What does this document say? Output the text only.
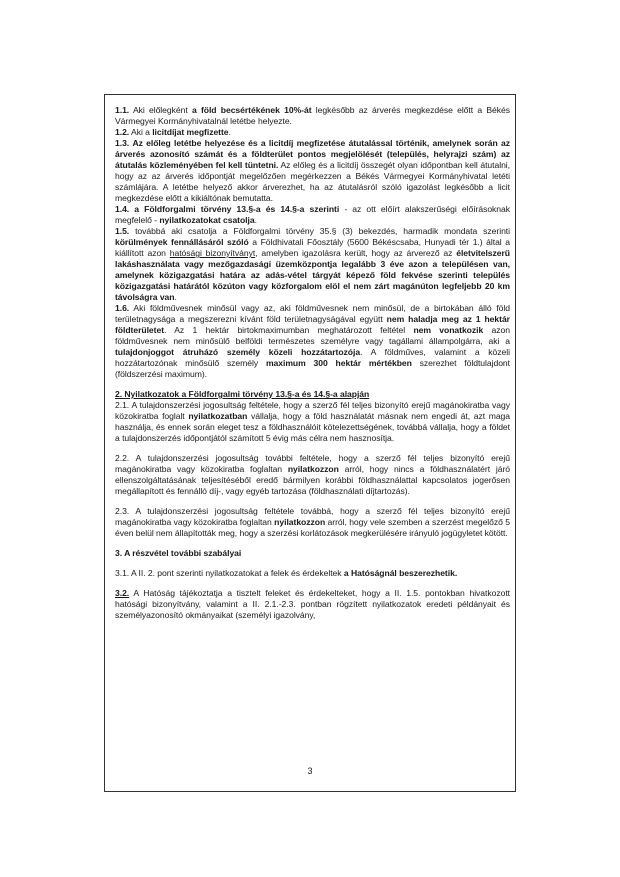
1.1. Aki előlegként a föld becsértékének 10%-át legkésőbb az árverés megkezdése előtt a Békés Vármegyei Kormányhivatalnál letétbe helyezte.

1.2. Aki a licitdíjat megfizette.

1.3. Az előleg letétbe helyezése és a licitdíj megfizetése átutalással történik, amelynek során az árverés azonosító számát és a földterület pontos megjelölését (település, helyrajzi szám) az átutalás közleményében fel kell tüntetni. Az előleg és a licitdíj összegét olyan időpontban kell átutalni, hogy az az árverés időpontját megelőzően megérkezzen a Békés Vármegyei Kormányhivatal letéti számlájára. A letétbe helyező akkor árverezhet, ha az átutalásról szóló igazolást legkésőbb a licit megkezdése előtt a kikiáltónak bemutatta.

1.4. a Földforgalmi törvény 13.§-a és 14.§-a szerinti - az ott előírt alakszerűségi előírásoknak megfelelő - nyilatkozatokat csatolja.

1.5. továbbá aki csatolja a Földforgalmi törvény 35.§ (3) bekezdés, harmadik mondata szerinti körülmények fennállásáról szóló a Földhivatali Főosztály (5600 Békéscsaba, Hunyadi tér 1.) által a kiállított azon hatósági bizonyítványt, amelyben igazolásra került, hogy az árverező az életvitelszerű lakáshasználata vagy mezőgazdasági üzemközpontja legalább 3 éve azon a településen van, amelynek közigazgatási határa az adás-vétel tárgyát képező föld fekvése szerinti település közigazgatási határától közúton vagy közforgalom elöl el nem zárt magánúton legfeljebb 20 km távolságra van.

1.6. Aki földművesnek minősül vagy az, aki földművesnek nem minősül, de a birtokában álló föld területnagysága a megszerezni kívánt föld területnagyságával együtt nem haladja meg az 1 hektár földterületet. Az 1 hektár birtokmaximumban meghatározott feltétel nem vonatkozik azon földművesnek nem minősülő belföldi természetes személyre vagy tagállami állampolgárra, aki a tulajdonjoggot átruházó személy közeli hozzátartozója. A földműves, valamint a közeli hozzátartozónak minősülő személy maximum 300 hektár mértékben szerezhet földtulajdont (földszerzési maximum).

2. Nyilatkozatok a Földforgalmi törvény 13.§-a és 14.§-a alapján

2.1. A tulajdonszerzési jogosultság feltétele, hogy a szerző fél teljes bizonyító erejű magánokiratba vagy közokiratba foglalt nyilatkozatban vállalja, hogy a föld használatát másnak nem engedi át, azt maga használja, és ennek során eleget tesz a földhasználóit kötelezettségének, továbbá vállalja, hogy a földet a tulajdonszerzés időpontjától számított 5 évig más célra nem hasznosítja.

2.2. A tulajdonszerzési jogosultság további feltétele, hogy a szerző fél teljes bizonyító erejű magánokiratba vagy közokiratba foglaltan nyilatkozzon arról, hogy nincs a földhasználatért járó ellenszolgáltatásának teljesítéséből eredő bármilyen korábbi földhasználattal kapcsolatos jogerősen megállapított és fennálló díj-, vagy egyéb tartozása (földhasználati díjtartozás).

2.3. A tulajdonszerzési jogosultság feltétele továbbá, hogy a szerző fél teljes bizonyító erejű magánokiratba vagy közokiratba foglaltan nyilatkozzon arról, hogy vele szemben a szerzést megelőző 5 éven belül nem állapították meg, hogy a szerzési korlátozások megkerülésére irányuló jogügyletet kötött.

3. A részvétel további szabályai

3.1. A II. 2. pont szerinti nyilatkozatokat a felek és érdekeltek a Hatóságnál beszerezhetik.

3.2. A Hatóság tájékoztatja a tisztelt feleket és érdekelteket, hogy a II. 1.5. pontokban hivatkozott hatósági bizonyítvány, valamint a II. 2.1.-2.3. pontban rögzített nyilatkozatok eredeti példányait és személyazonosító okmányaikat (személyi igazolvány,

3
